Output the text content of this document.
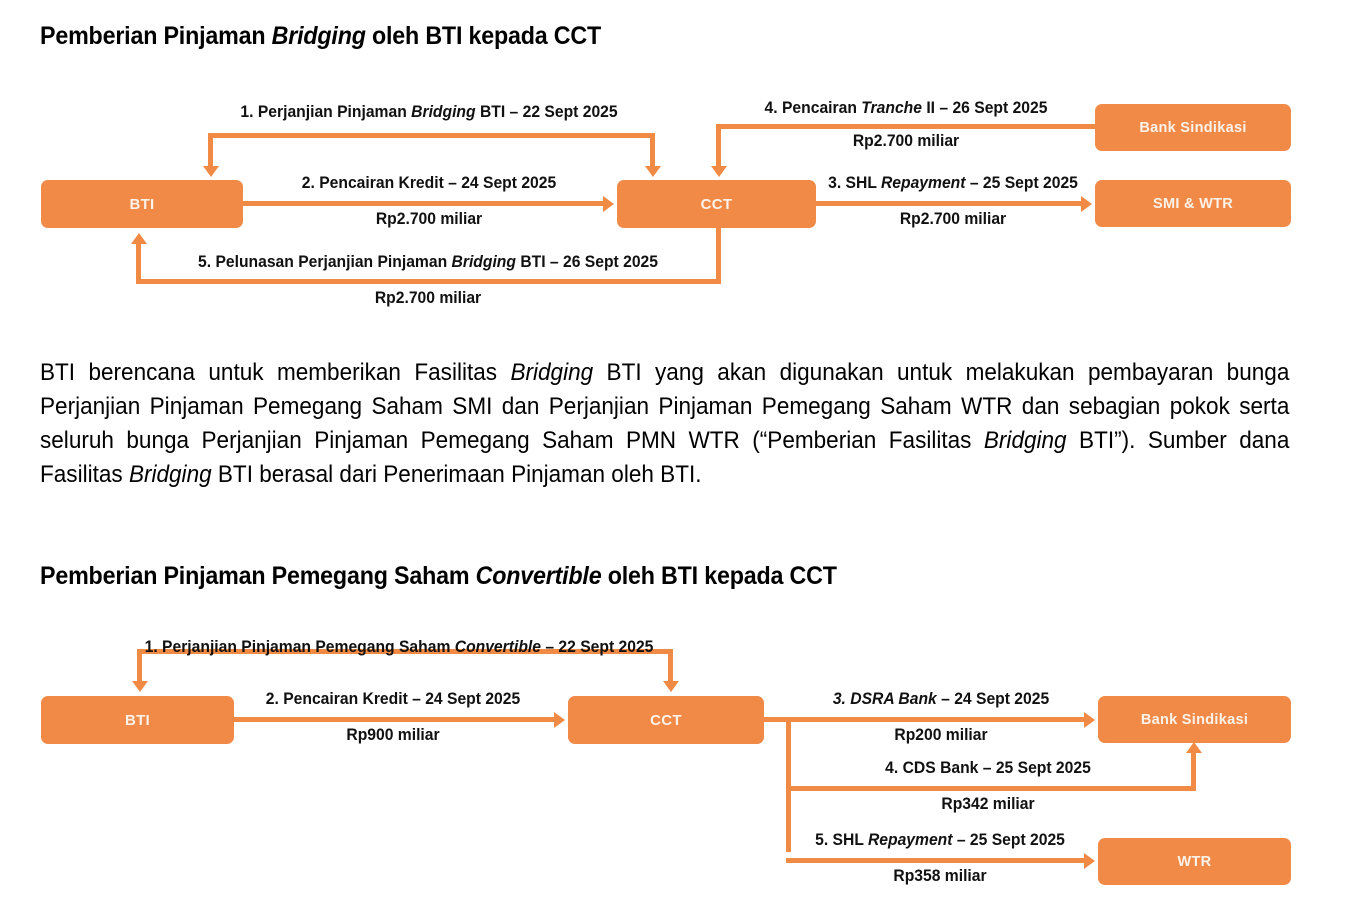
Pemberian Pinjaman Bridging oleh BTI kepada CCT
BTI	CCT
Bank Sindikasi
SMI & WTR
1. Perjanjian Pinjaman Bridging BTI – 22 Sept 2025
2. Pencairan Kredit – 24 Sept 2025
Rp2.700 miliar
3. SHL Repayment – 25 Sept 2025
Rp2.700 miliar
4. Pencairan Tranche II – 26 Sept 2025
Rp2.700 miliar
5. Pelunasan Perjanjian Pinjaman Bridging BTI – 26 Sept 2025
Rp2.700 miliar
BTI berencana untuk memberikan Fasilitas Bridging BTI yang akan digunakan untuk melakukan pembayaran bunga Perjanjian Pinjaman Pemegang Saham SMI dan Perjanjian Pinjaman Pemegang Saham WTR dan sebagian pokok serta seluruh bunga Perjanjian Pinjaman Pemegang Saham PMN WTR (“Pemberian Fasilitas Bridging BTI”). Sumber dana Fasilitas Bridging BTI berasal dari Penerimaan Pinjaman oleh BTI.
Pemberian Pinjaman Pemegang Saham Convertible oleh BTI kepada CCT
BTI	CCT	Bank Sindikasi
WTR
1. Perjanjian Pinjaman Pemegang Saham Convertible – 22 Sept 2025
2. Pencairan Kredit – 24 Sept 2025
Rp900 miliar
3. DSRA Bank – 24 Sept 2025
Rp200 miliar
4. CDS Bank – 25 Sept 2025
Rp342 miliar
5. SHL Repayment – 25 Sept 2025
Rp358 miliar
